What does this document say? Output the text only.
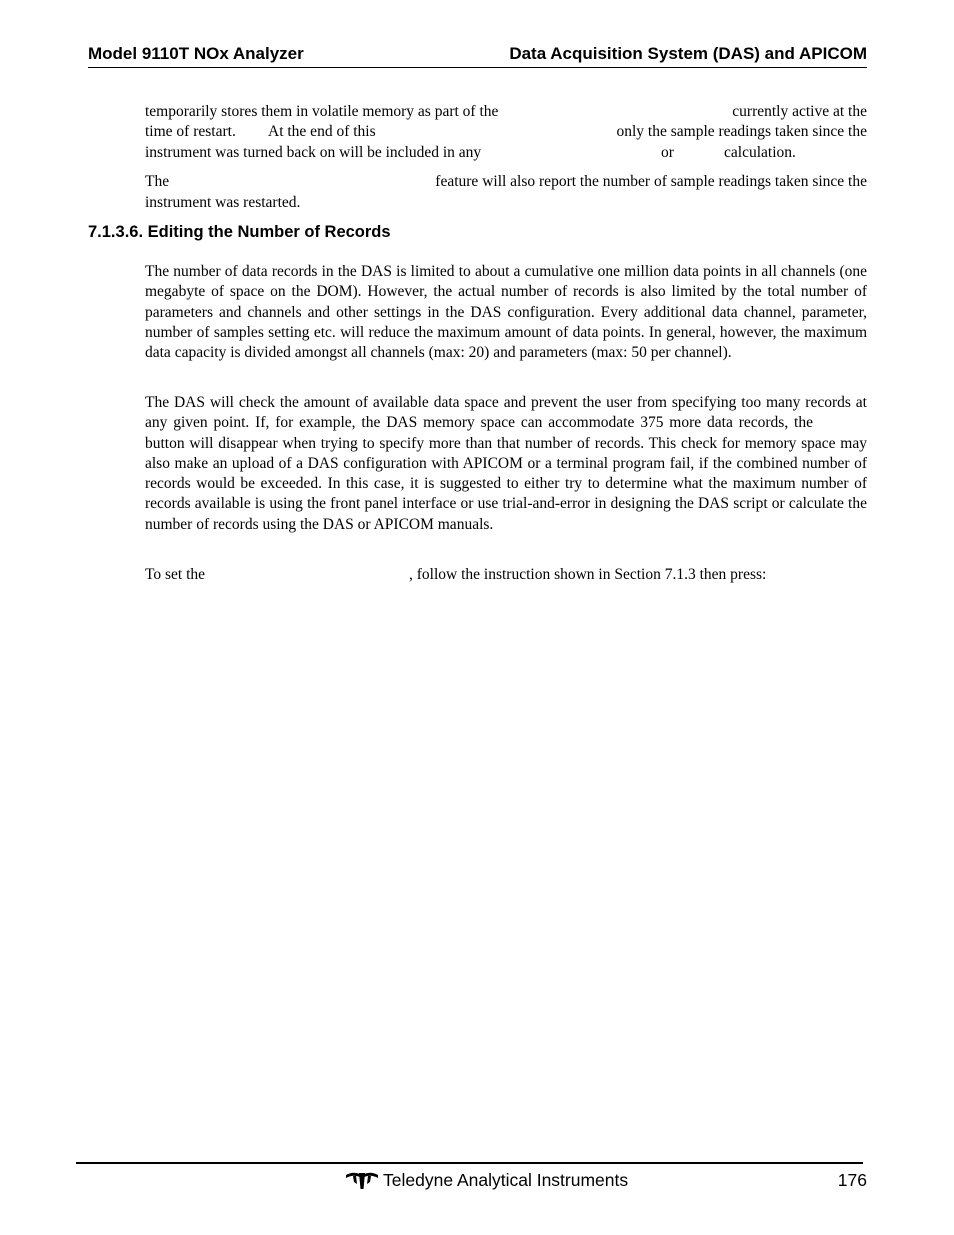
Model 9110T NOx Analyzer	Data Acquisition System (DAS) and APICOM
temporarily stores them in volatile memory as part of the	currently active at the
time of restart. At the end of this	only the sample readings taken since the
instrument was turned back on will be included in any	or	calculation.
The	feature will also report the number of sample readings taken since the
instrument was restarted.
7.1.3.6. Editing the Number of Records
The number of data records in the DAS is limited to about a cumulative one million data points in all channels (one megabyte of space on the DOM). However, the actual number of records is also limited by the total number of parameters and channels and other settings in the DAS configuration. Every additional data channel, parameter, number of samples setting etc. will reduce the maximum amount of data points. In general, however, the maximum data capacity is divided amongst all channels (max: 20) and parameters (max: 50 per channel).
The DAS will check the amount of available data space and prevent the user from specifying too many records at any given point. If, for example, the DAS memory space can accommodate 375 more data records, thebutton will disappear when trying to specify more than that number of records. This check for memory space may also make an upload of a DAS configuration with APICOM or a terminal program fail, if the combined number of records would be exceeded. In this case, it is suggested to either try to determine what the maximum number of records available is using the front panel interface or use trial-and-error in designing the DAS script or calculate the number of records using the DAS or APICOM manuals.
To set the	, follow the instruction shown in Section 7.1.3 then press:
Teledyne Analytical Instruments	176
